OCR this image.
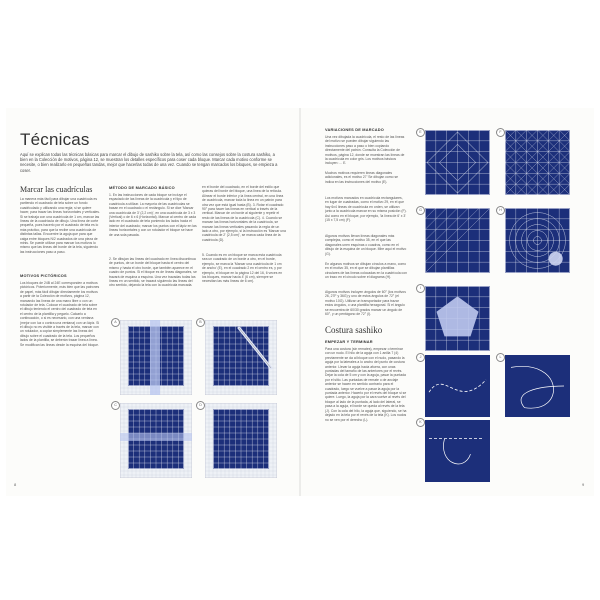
Técnicas
Aquí se explican todas las técnicas básicas para marcar el dibujo de sashiko sobre la tela, así como las consejos sobre la costura sashiko, a bien en la Colección de motivos, página 12, se muestran los detalles específicos para coser cada bloque. Marcar cada motivo conforme se necesite, o bien realizarlo en pequeñas tandas, mejor que hacerlas todas de una vez. Cuando se tengan marcados los bloques, se empieza a coser.
Marcar las cuadrículas
La manera más fácil para dibujar una cuadrícula es partiendo el cuadrado de tela sobre un fondo cuadriculado y utilizando una regla; si se quiere hacer, para trazar las líneas horizontales y verticales. Si se trabaja con una cuadrícula de 1 cm, marcar las líneas de la cuadrícula de dibujo. Una línea de corte pequeña, pues hacerlo por el cuadrado de tela es lo más práctico, para que la recibe una cuadrícula de distintas tallas. Encuentre la aguja que para que caiga entre bloques N/2 cuadrados de una pieza de minis. Se puede utilizar para marcar los motivos lo mismo que las líneas del borde de la tela, siguiendo las instrucciones paso a paso.
MOTIVOS PICTÓRICOS
Los bloques de 24B al 24E corresponden a motivos pictóricos. Poteriormente, más bien que las patrones de papel, más fácil dibujar directamente los motivos a partir de la Colección de motivos, página 12, marcando las líneas de una mano libre o con un rotulador de tela. Colocar el cuadrado de tela sobre el dibujo teniendo el centro del cuadrado de tela en el centro de la plantilla y pegarlo. Calcarlo a continuación, o si es necesario, con una ventana (mejor con luz o contra una ventana) con un lápiz. Si el dibujo no es visible a través de la tela, marcar con un rotulador, a copiar simplemente las líneas del dibujo sobre el cuadrado de la tela. Los pequeños lados de la plantilla, se deberán trazar línea a línea. Se modifican las líneas desde la esquina del bloque.
MÉTODO DE MARCADO BÁSICO
1. En las instrucciones de cada bloque se incluye el espaciado de las líneas de la cuadrícula y el tipo de cuadrícula a utilizar. La mayoría de las cuadrículas se basan en el cuadrado o el rectángulo. Si se dice 'Marcar una cuadrícula de 3' (2,2 cm)', en una cuadrícula de 3 x 3 (Vertical) o de 6 x 6 (Horizontal). Marcar al centro de cada lado en el cuadrado de tela poniendo los lados hacia el interior del cuadrado; marcar los puntos con el lápiz en las líneas horizontales y con un rotulador el bloque se hace de una sola pasada.
2. Se dibujan las líneas del cuadrado en línea discontinua de puntos, de un borde del bloque hasta el centro del mismo y hasta el otro borde, que también aparece en el cuadro de puntos. Si el bloque es de líneas diagonales, se trazará de esquina a esquina. Una vez trazadas todas las líneas en un sentido, se trazará siguiendo las líneas del otro sentido, dejando la tela con la cuadrícula marcada.
en el borde del cuadrado, en el borde del estilo que quieras del borde del bloque, una línea de la retícula. Alinear el borde inferior y la línea central, en una línea de cuadrícula, marcar toda la línea en un patrón para otra vez que está igual hasta (B). 3. Rotar el cuadrado 90° para hacer las líneas en vertical a través de la vertical. Marcar de un borde al siguiente y repetir el resto de las líneas de la cuadrícula (C). 4. Cuando se marcan las líneas horizontales de la cuadrícula, se marcan las líneas verticales pasando la regla de un lado a otro, por ejemplo, si la instrucción es 'Marcar una cuadrícula de 2' (2,5 cm)', se marca cada línea de la cuadrícula (D).
5. Cuando es en un bloque se marca esta cuadrícula sea un cuadrado de un borde a otro, en el borde, ejemplo, se marca la 'Marcar una cuadrícula de 1 cm de ancho' (E), en el cuadrado 2 en el centro es, y por ejemplo, el bloque en la página 12 del 16, 6 veces en los bloques, marcar hacia 4' (6 cm), siempre se necesitan las más líneas de 6 cm).
A	B
C	D
8
VARIACIONES DE MARCADO
Una vez dibujada la cuadrícula, el resto de las líneas del motivo se pueden dibujar siguiendo las instrucciones paso a paso o bien copiando directamente del patrón. Consulta la Colección de motivos, página 12, donde se muestran las líneas de la cuadrícula en color gris. Los motivos básicos incluyen: ... E.
Muchos motivos requieren líneas diagonales adicionales, es el motivo 27 'Se dibujan como se indica en las instrucciones del motivo (E).
Los motivos marcados en cuadrícula rectangulares, en lugar de cuadradas, como el motivo 29, en el que hay 6x4 líneas de cuadrícula en orden, se utilizan junto a la cuadrícula marcar en su misma posición (F). Así como en el bloque, por ejemplo, 'la línea de 6' x 3' (15 x 7,5 cm) (F).
Algunos motivos llevan líneas diagonales más complejas, como el motivo 35, en el que las diagonales unen esquinas o cuadros, como en el dibujo de la esquina de un bloque. Mire aquí el motivo (G).
En algunos motivos se dibujan círculos a mano, como en el motivo 35, en el que se dibujan plantillas circulares de las líneas colocadas en la cuadrícula con un trazo en el círculo sobre el diagrama (H).
Algunos motivos incluyen ángulos de 60° (los motivos 26, 27F y 36G) y uno de estos ángulos de 72° (el motivo 10G). Utilizar un transportador para trazar estos ángulos, o una plantilla hexagonal. Si el ángulo se encuentra de 60/30 grados marcar un ángulo de 60°, y un pentágono de 72° (I).
Costura sashiko
EMPEZAR Y TERMINAR
Para una costura (sin remates), empezar o terminar con un nudo. El hilo de la aguja con 1 anilla 7 (4) previamente se da al bloque con el nudo, pasando la aguja por la laterales a lo ancho del punto de costura anterior. Llevar la aguja hacia afuera, con unas puntadas del tamaño de las anteriores por el revés. Dejar la cola de 5 cm y con la aguja, pasar la puntada por el sitio. Las puntadas de remate o de anclaje anterior se hacen en sentido contrario para el cuadrado, luego se vuelve a pasar la aguja por la puntada anterior. Hacerlo por el revés del bloque si se quiere. Luego, la aguja por la cara vuelve al revés del bloque al lado de la puntada, al lado del lateral, se pasa a la aguja, el borde se queda al revés de la tela (J). Con la cola del hilo, la aguja que, siguiendo, se ha dejado en la tela por el revés de la tela (K). Los nudos no se ven por el derecho (L).
E	F
G	H
I
J
K
L
9
